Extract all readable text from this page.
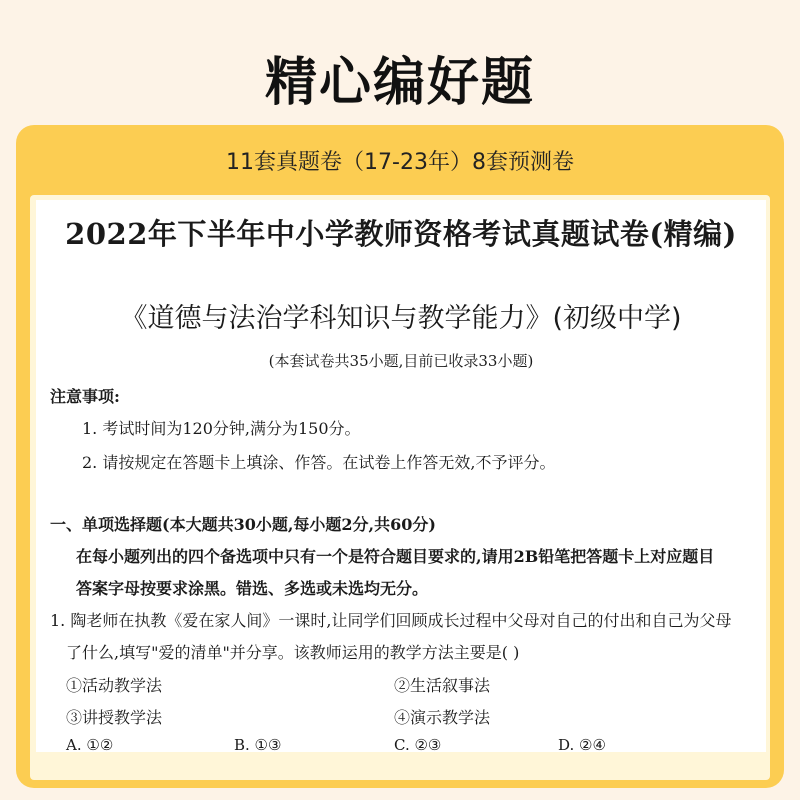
精心编好题
11套真题卷（17-23年）8套预测卷
2022年下半年中小学教师资格考试真题试卷(精编)
《道德与法治学科知识与教学能力》(初级中学)
(本套试卷共35小题,目前已收录33小题)
注意事项:
1. 考试时间为120分钟,满分为150分。
2. 请按规定在答题卡上填涂、作答。在试卷上作答无效,不予评分。
一、单项选择题(本大题共30小题,每小题2分,共60分)
在每小题列出的四个备选项中只有一个是符合题目要求的,请用2B铅笔把答题卡上对应题目
答案字母按要求涂黑。错选、多选或未选均无分。
1. 陶老师在执教《爱在家人间》一课时,让同学们回顾成长过程中父母对自己的付出和自己为父母
了什么,填写"爱的清单"并分享。该教师运用的教学方法主要是( )
①活动教学法	②生活叙事法
③讲授教学法	④演示教学法
A. ①②	B. ①③	C. ②③	D. ②④
